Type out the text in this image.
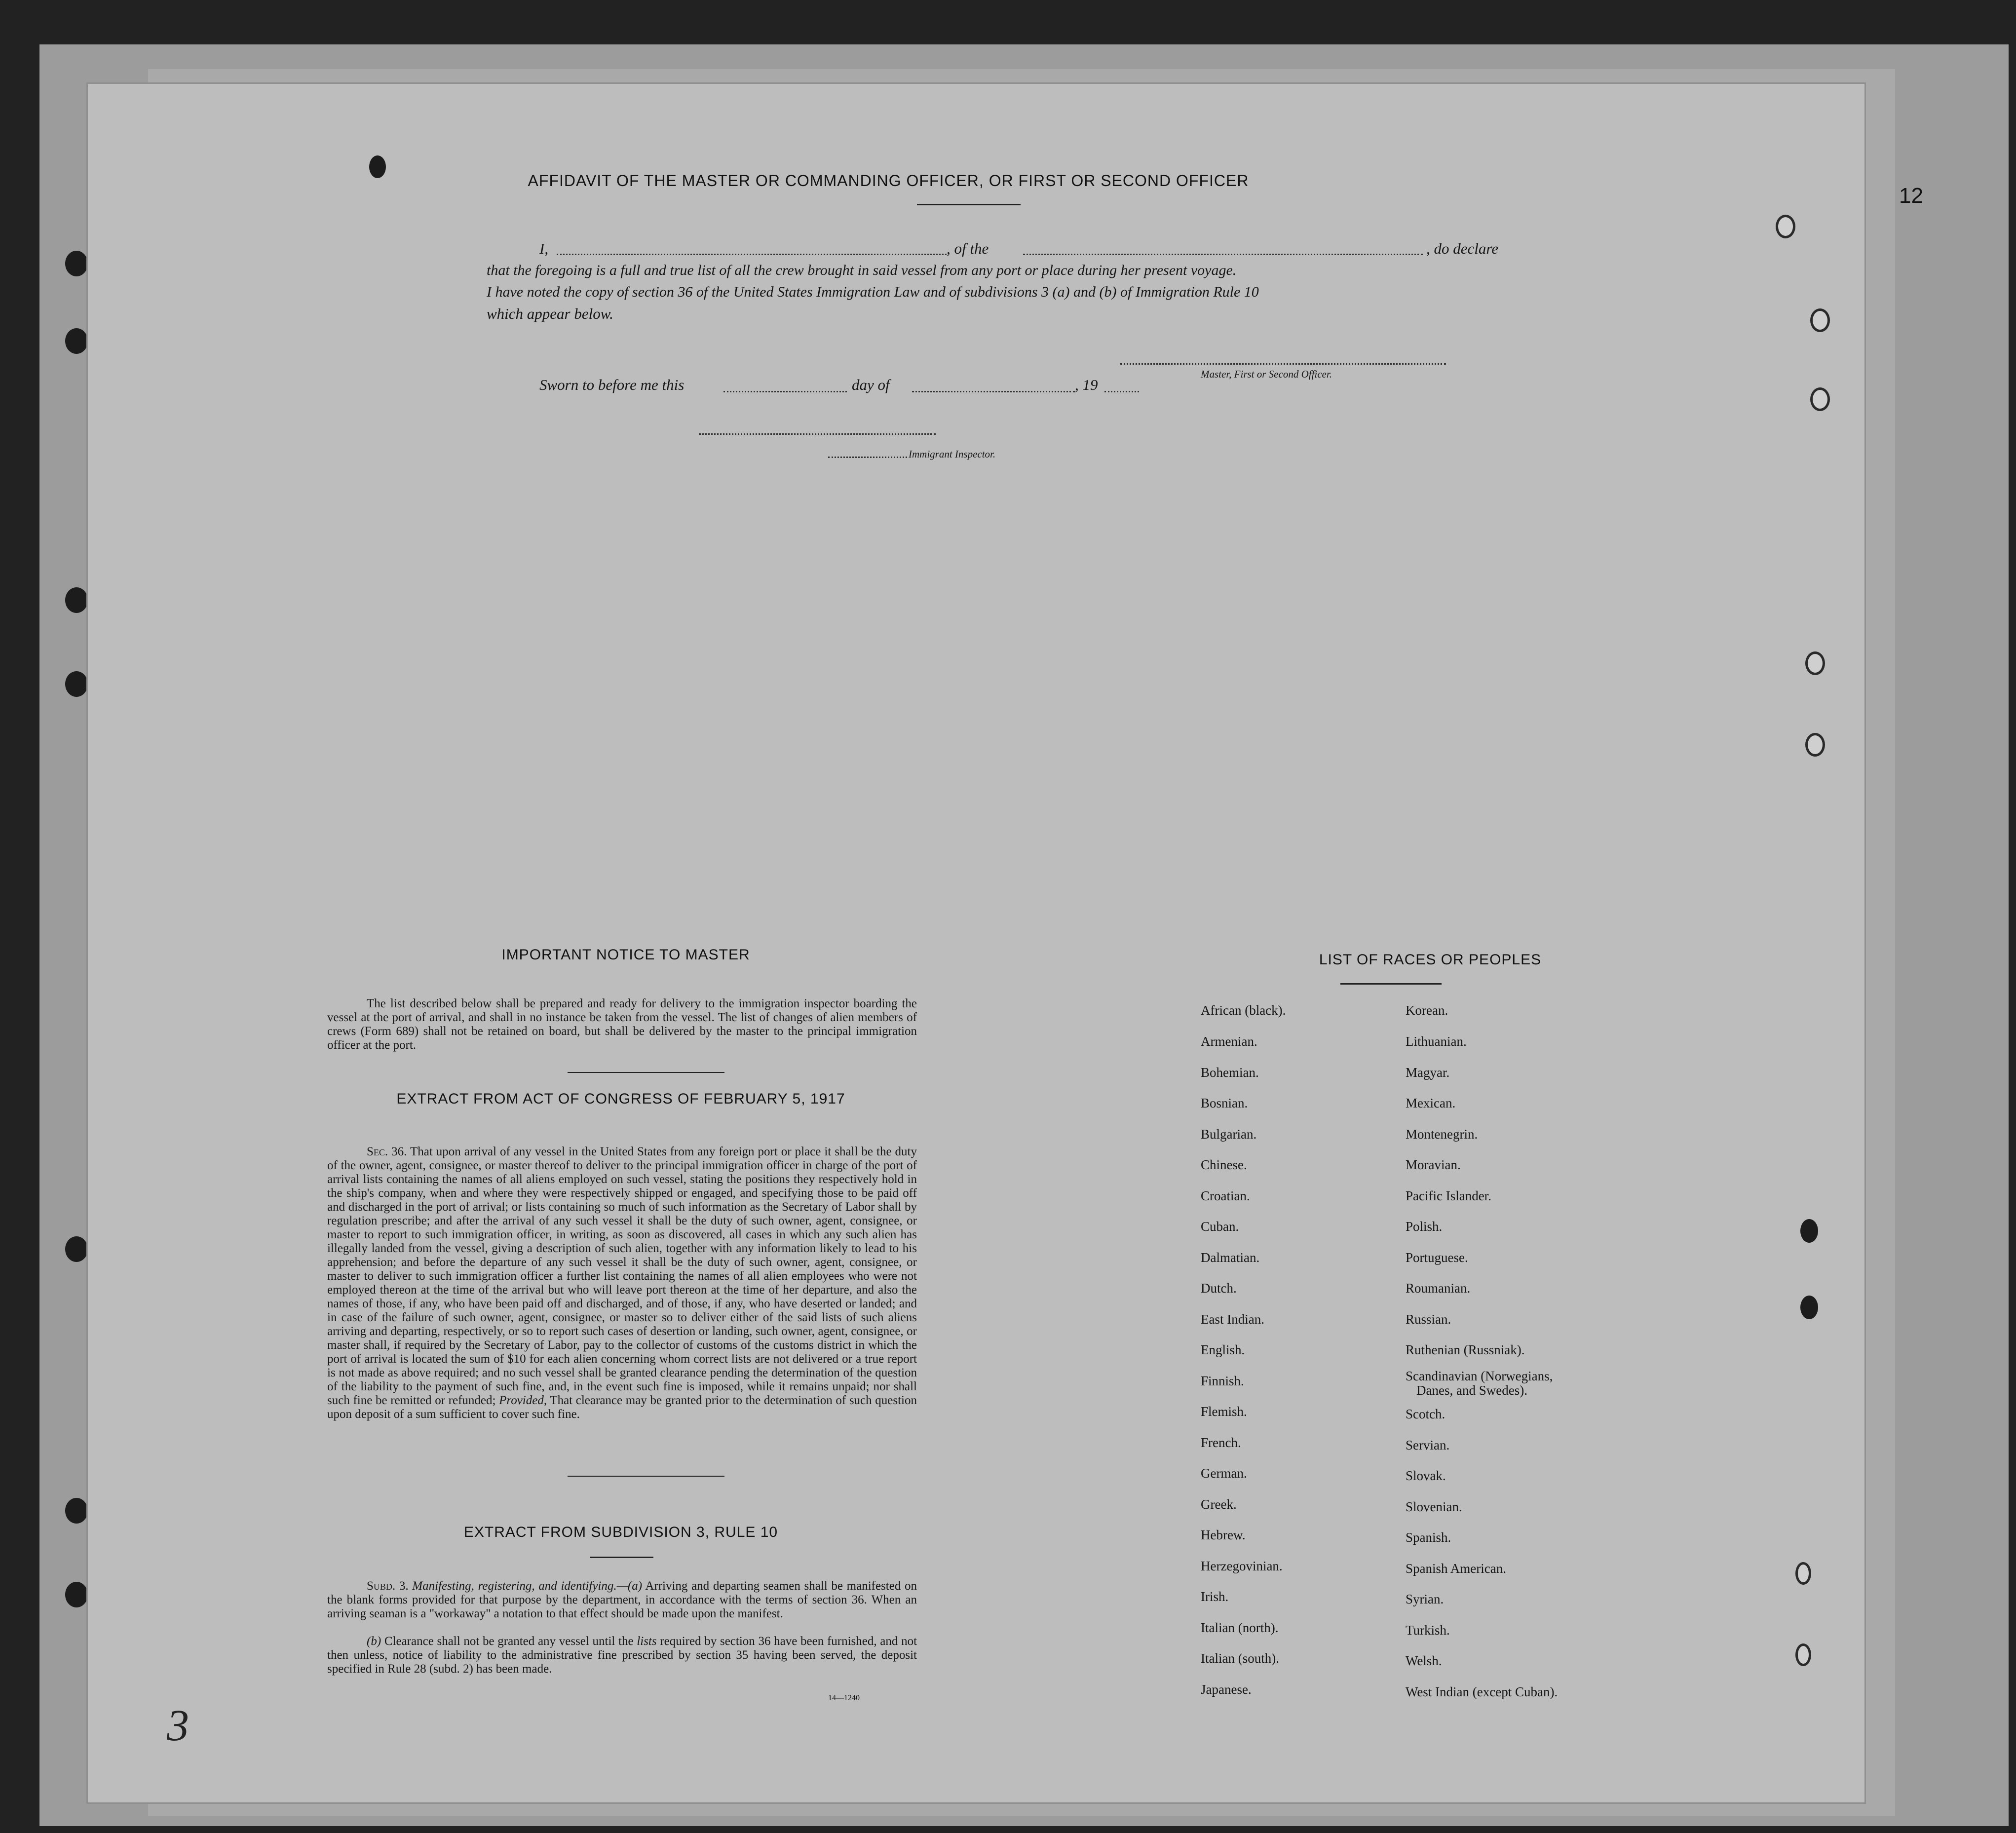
12
AFFIDAVIT OF THE MASTER OR COMMANDING OFFICER, OR FIRST OR SECOND OFFICER
I,	, of the	, do declare
that the foregoing is a full and true list of all the crew brought in said vessel from any port or place during her present voyage.
I have noted the copy of section 36 of the United States Immigration Law and of subdivisions 3 (a) and (b) of Immigration Rule 10
which appear below.
Master, First or Second Officer.
Sworn to before me this	day of	, 19
Immigrant Inspector.
IMPORTANT NOTICE TO MASTER
The list described below shall be prepared and ready for delivery to the immigration inspector boarding the vessel at the port of arrival, and shall in no instance be taken from the vessel. The list of changes of alien members of crews (Form 689) shall not be retained on board, but shall be delivered by the master to the principal immigration officer at the port.
EXTRACT FROM ACT OF CONGRESS OF FEBRUARY 5, 1917
Sec. 36. That upon arrival of any vessel in the United States from any foreign port or place it shall be the duty of the owner, agent, consignee, or master thereof to deliver to the principal immigration officer in charge of the port of arrival lists containing the names of all aliens employed on such vessel, stating the positions they respectively hold in the ship's company, when and where they were respectively shipped or engaged, and specifying those to be paid off and discharged in the port of arrival; or lists containing so much of such information as the Secretary of Labor shall by regulation prescribe; and after the arrival of any such vessel it shall be the duty of such owner, agent, consignee, or master to report to such immigration officer, in writing, as soon as discovered, all cases in which any such alien has illegally landed from the vessel, giving a description of such alien, together with any information likely to lead to his apprehension; and before the departure of any such vessel it shall be the duty of such owner, agent, consignee, or master to deliver to such immigration officer a further list containing the names of all alien employees who were not employed thereon at the time of the arrival but who will leave port thereon at the time of her departure, and also the names of those, if any, who have been paid off and discharged, and of those, if any, who have deserted or landed; and in case of the failure of such owner, agent, consignee, or master so to deliver either of the said lists of such aliens arriving and departing, respectively, or so to report such cases of desertion or landing, such owner, agent, consignee, or master shall, if required by the Secretary of Labor, pay to the collector of customs of the customs district in which the port of arrival is located the sum of $10 for each alien concerning whom correct lists are not delivered or a true report is not made as above required; and no such vessel shall be granted clearance pending the determination of the question of the liability to the payment of such fine, and, in the event such fine is imposed, while it remains unpaid; nor shall such fine be remitted or refunded; Provided, That clearance may be granted prior to the determination of such question upon deposit of a sum sufficient to cover such fine.
EXTRACT FROM SUBDIVISION 3, RULE 10
Subd. 3. Manifesting, registering, and identifying.—(a) Arriving and departing seamen shall be manifested on the blank forms provided for that purpose by the department, in accordance with the terms of section 36. When an arriving seaman is a "workaway" a notation to that effect should be made upon the manifest.
(b) Clearance shall not be granted any vessel until the lists required by section 36 have been furnished, and not then unless, notice of liability to the administrative fine prescribed by section 35 having been served, the deposit specified in Rule 28 (subd. 2) has been made.
14—1240
LIST OF RACES OR PEOPLES
African (black).
Armenian.
Bohemian.
Bosnian.
Bulgarian.
Chinese.
Croatian.
Cuban.
Dalmatian.
Dutch.
East Indian.
English.
Finnish.
Flemish.
French.
German.
Greek.
Hebrew.
Herzegovinian.
Irish.
Italian (north).
Italian (south).
Japanese.
Korean.
Lithuanian.
Magyar.
Mexican.
Montenegrin.
Moravian.
Pacific Islander.
Polish.
Portuguese.
Roumanian.
Russian.
Ruthenian (Russniak).
Scandinavian (Norwegians,
Danes, and Swedes).
Scotch.
Servian.
Slovak.
Slovenian.
Spanish.
Spanish American.
Syrian.
Turkish.
Welsh.
West Indian (except Cuban).
3
